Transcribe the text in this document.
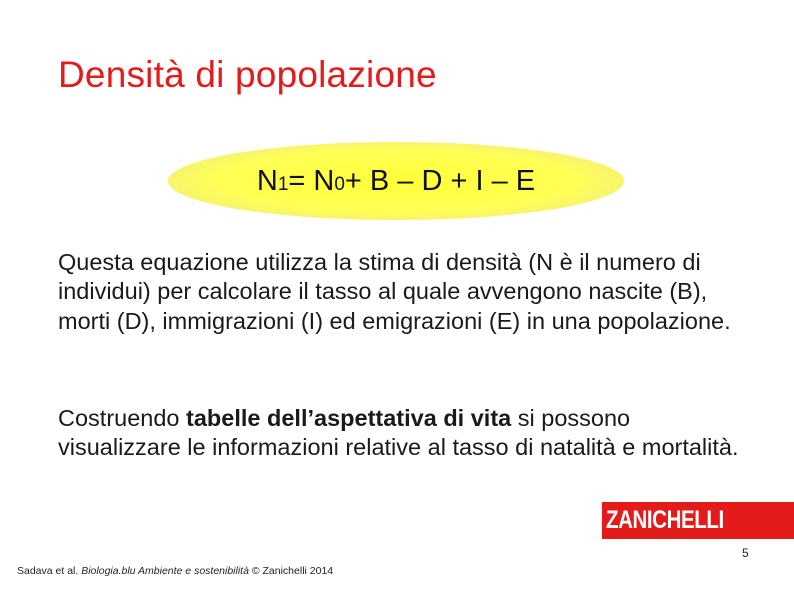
Densità di popolazione
$N_1 = N_0 + B - D + I - E$
Questa equazione utilizza la stima di densità (N è il numero di individui) per calcolare il tasso al quale avvengono nascite (B), morti (D), immigrazioni (I) ed emigrazioni (E) in una popolazione.
Costruendo tabelle dell’aspettativa di vita si possono visualizzare le informazioni relative al tasso di natalità e mortalità.
ZANICHELLI
5
Sadava et al. Biologia.blu Ambiente e sostenibilità © Zanichelli 2014
